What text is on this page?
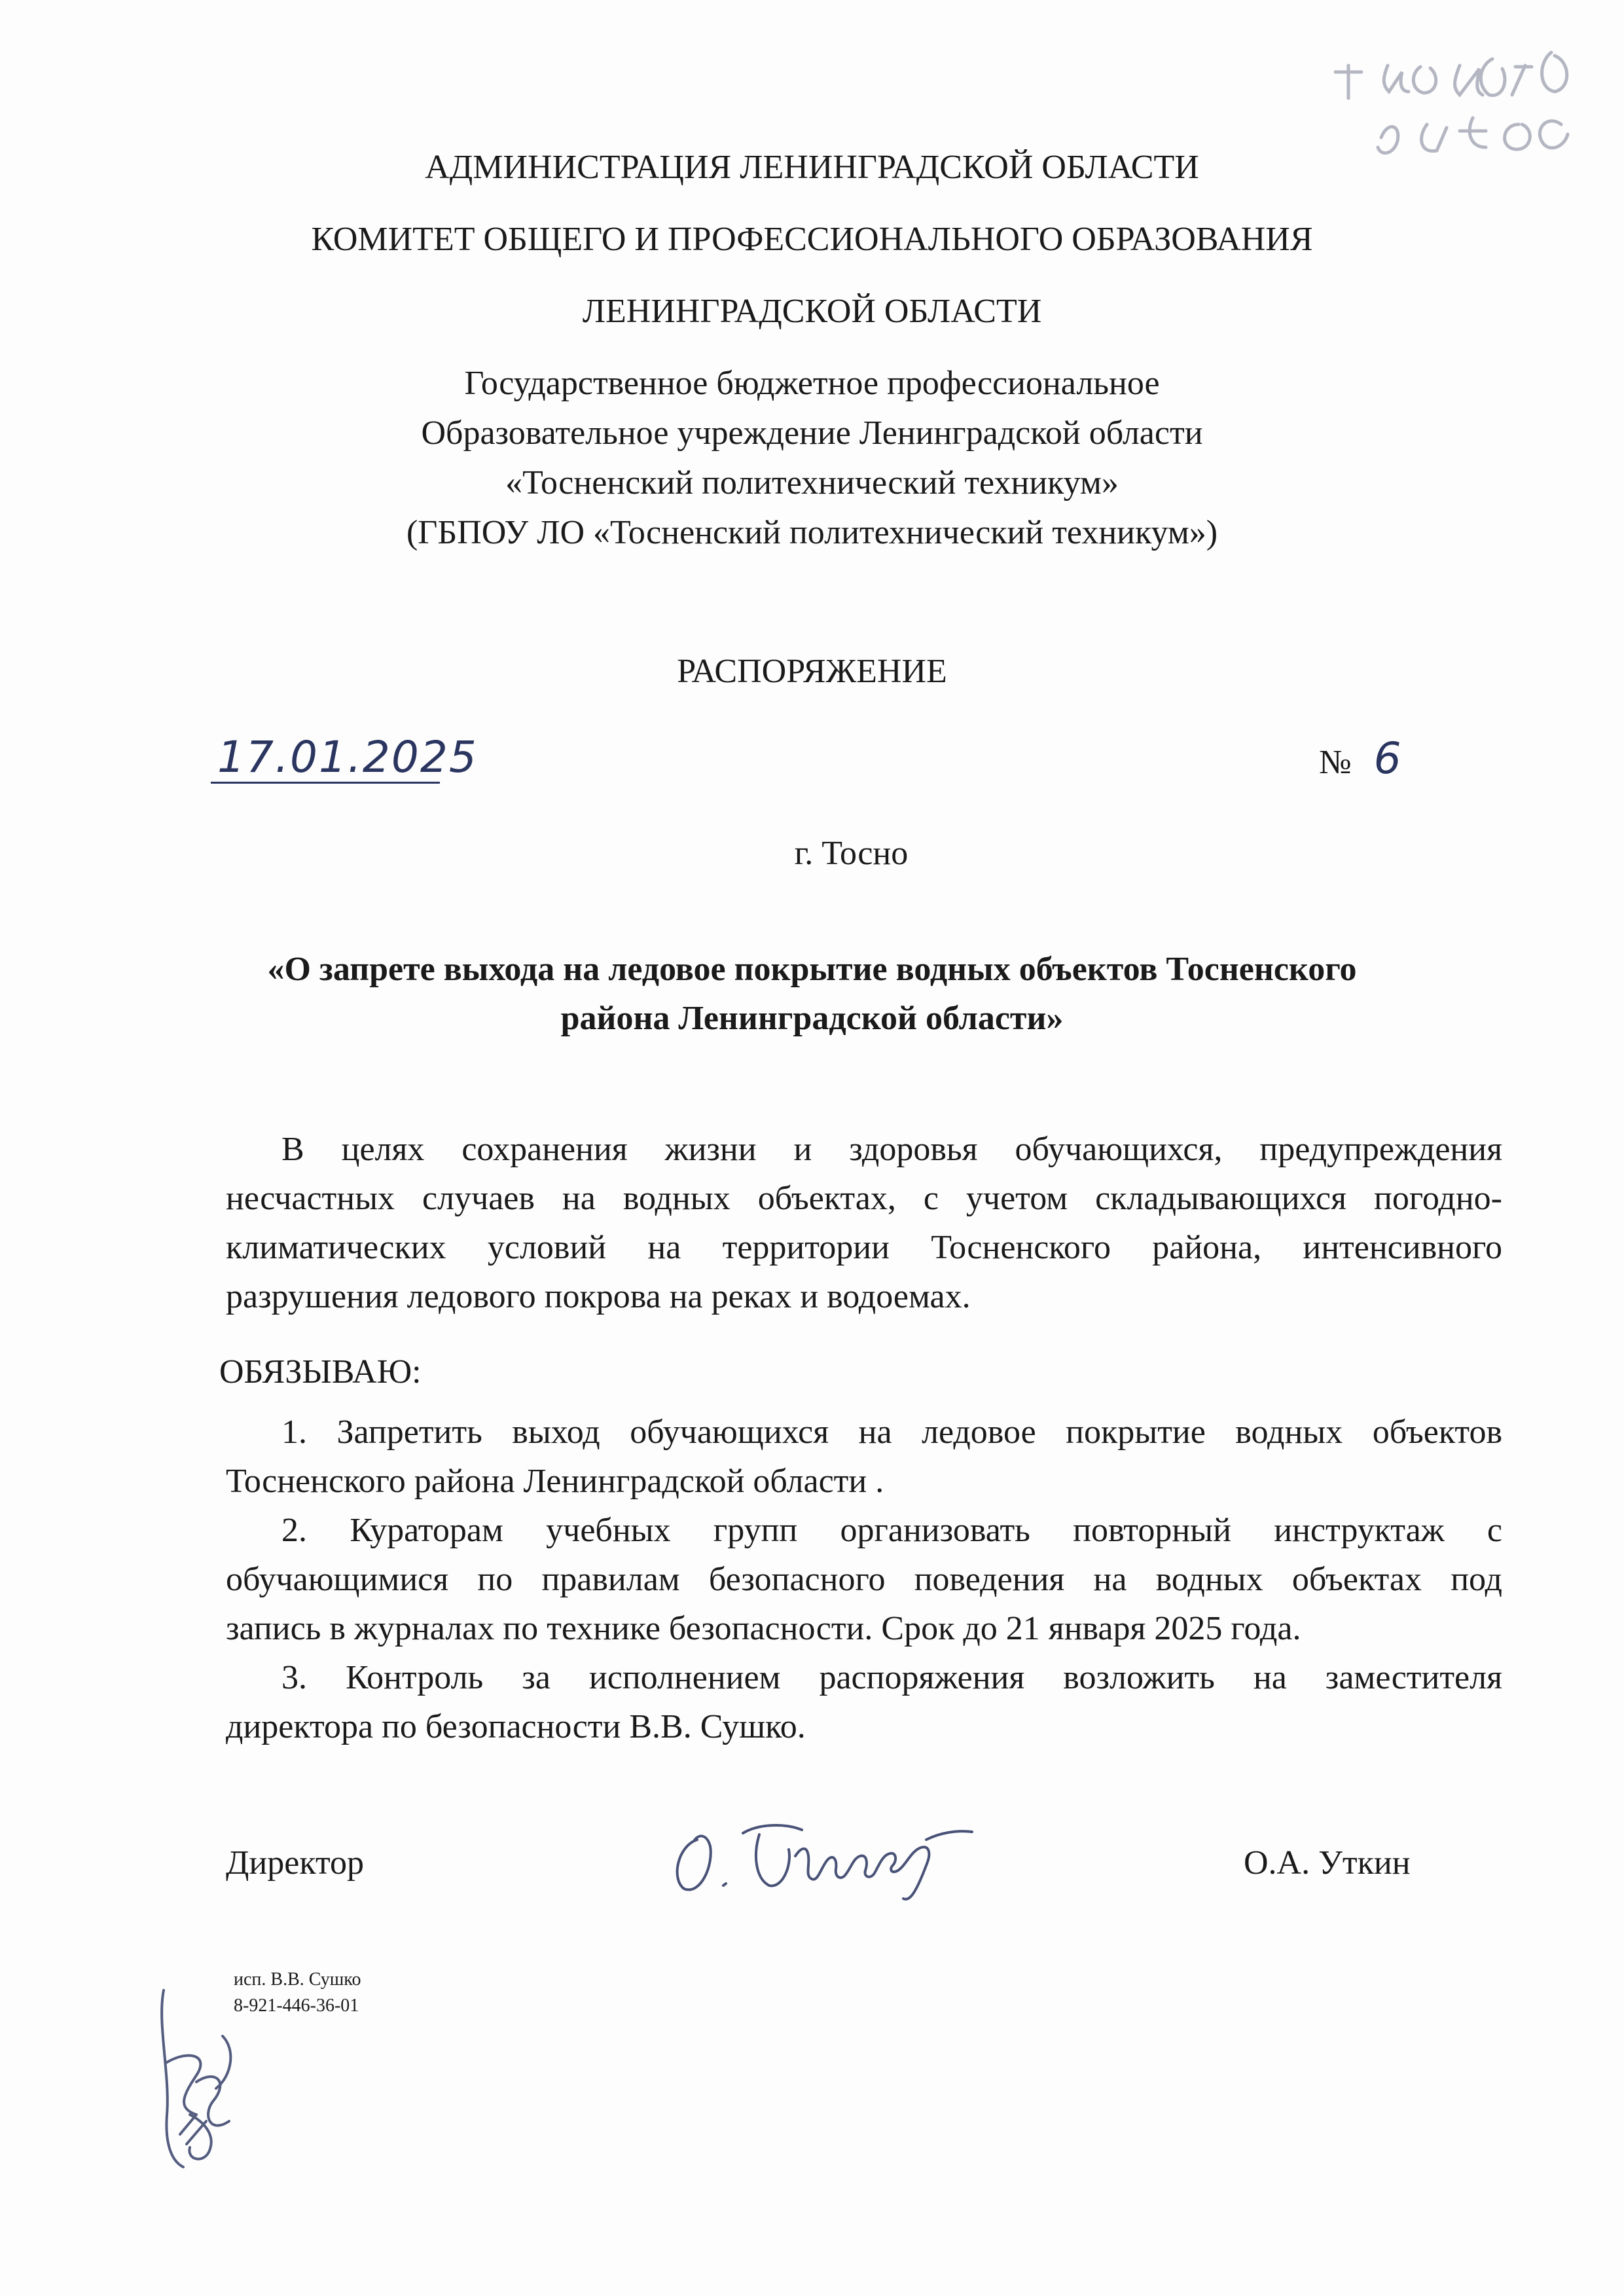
АДМИНИСТРАЦИЯ ЛЕНИНГРАДСКОЙ ОБЛАСТИ
КОМИТЕТ ОБЩЕГО И ПРОФЕССИОНАЛЬНОГО ОБРАЗОВАНИЯ
ЛЕНИНГРАДСКОЙ ОБЛАСТИ
Государственное бюджетное профессиональное
Образовательное учреждение Ленинградской области
«Тосненский политехнический техникум»
(ГБПОУ ЛО «Тосненский политехнический техникум»)
РАСПОРЯЖЕНИЕ
17.01.2025	№ 6
г. Тосно
«О запрете выхода на ледовое покрытие водных объектов Тосненского
района Ленинградской области»
В целях сохранения жизни и здоровья обучающихся, предупреждения
несчастных случаев на водных объектах, с учетом складывающихся погодно-
климатических условий на территории Тосненского района, интенсивного
разрушения ледового покрова на реках и водоемах.
ОБЯЗЫВАЮ:
1. Запретить выход обучающихся на ледовое покрытие водных объектов
Тосненского района Ленинградской области .
2. Кураторам учебных групп организовать повторный инструктаж с
обучающимися по правилам безопасного поведения на водных объектах под
запись в журналах по технике безопасности. Срок до 21 января 2025 года.
3. Контроль за исполнением распоряжения возложить на заместителя
директора по безопасности В.В. Сушко.
Директор	О.А. Уткин
исп. В.В. Сушко
8-921-446-36-01
